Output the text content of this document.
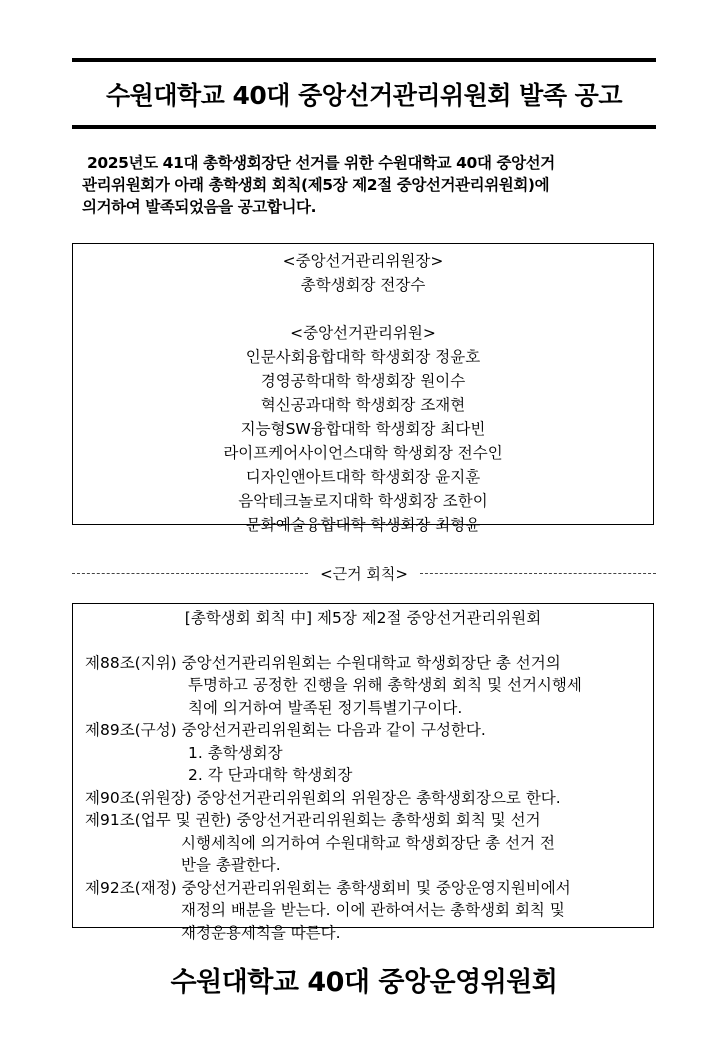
수원대학교 40대 중앙선거관리위원회 발족 공고
2025년도 41대 총학생회장단 선거를 위한 수원대학교 40대 중앙선거
관리위원회가 아래 총학생회 회칙(제5장 제2절 중앙선거관리위원회)에
의거하여 발족되었음을 공고합니다.
<중앙선거관리위원장>
총학생회장 전장수
<중앙선거관리위원>
인문사회융합대학 학생회장 정윤호
경영공학대학 학생회장 원이수
혁신공과대학 학생회장 조재현
지능형SW융합대학 학생회장 최다빈
라이프케어사이언스대학 학생회장 전수인
디자인앤아트대학 학생회장 윤지훈
음악테크놀로지대학 학생회장 조한이
문화예술융합대학 학생회장 최형윤
<근거 회칙>
[총학생회 회칙 中] 제5장 제2절 중앙선거관리위원회
제88조(지위) 중앙선거관리위원회는 수원대학교 학생회장단 총 선거의
투명하고 공정한 진행을 위해 총학생회 회칙 및 선거시행세
칙에 의거하여 발족된 정기특별기구이다.
제89조(구성) 중앙선거관리위원회는 다음과 같이 구성한다.
1. 총학생회장
2. 각 단과대학 학생회장
제90조(위원장) 중앙선거관리위원회의 위원장은 총학생회장으로 한다.
제91조(업무 및 권한) 중앙선거관리위원회는 총학생회 회칙 및 선거
시행세칙에 의거하여 수원대학교 학생회장단 총 선거 전
반을 총괄한다.
제92조(재정) 중앙선거관리위원회는 총학생회비 및 중앙운영지원비에서
재정의 배분을 받는다. 이에 관하여서는 총학생회 회칙 및
재정운용세칙을 따른다.
수원대학교 40대 중앙운영위원회
